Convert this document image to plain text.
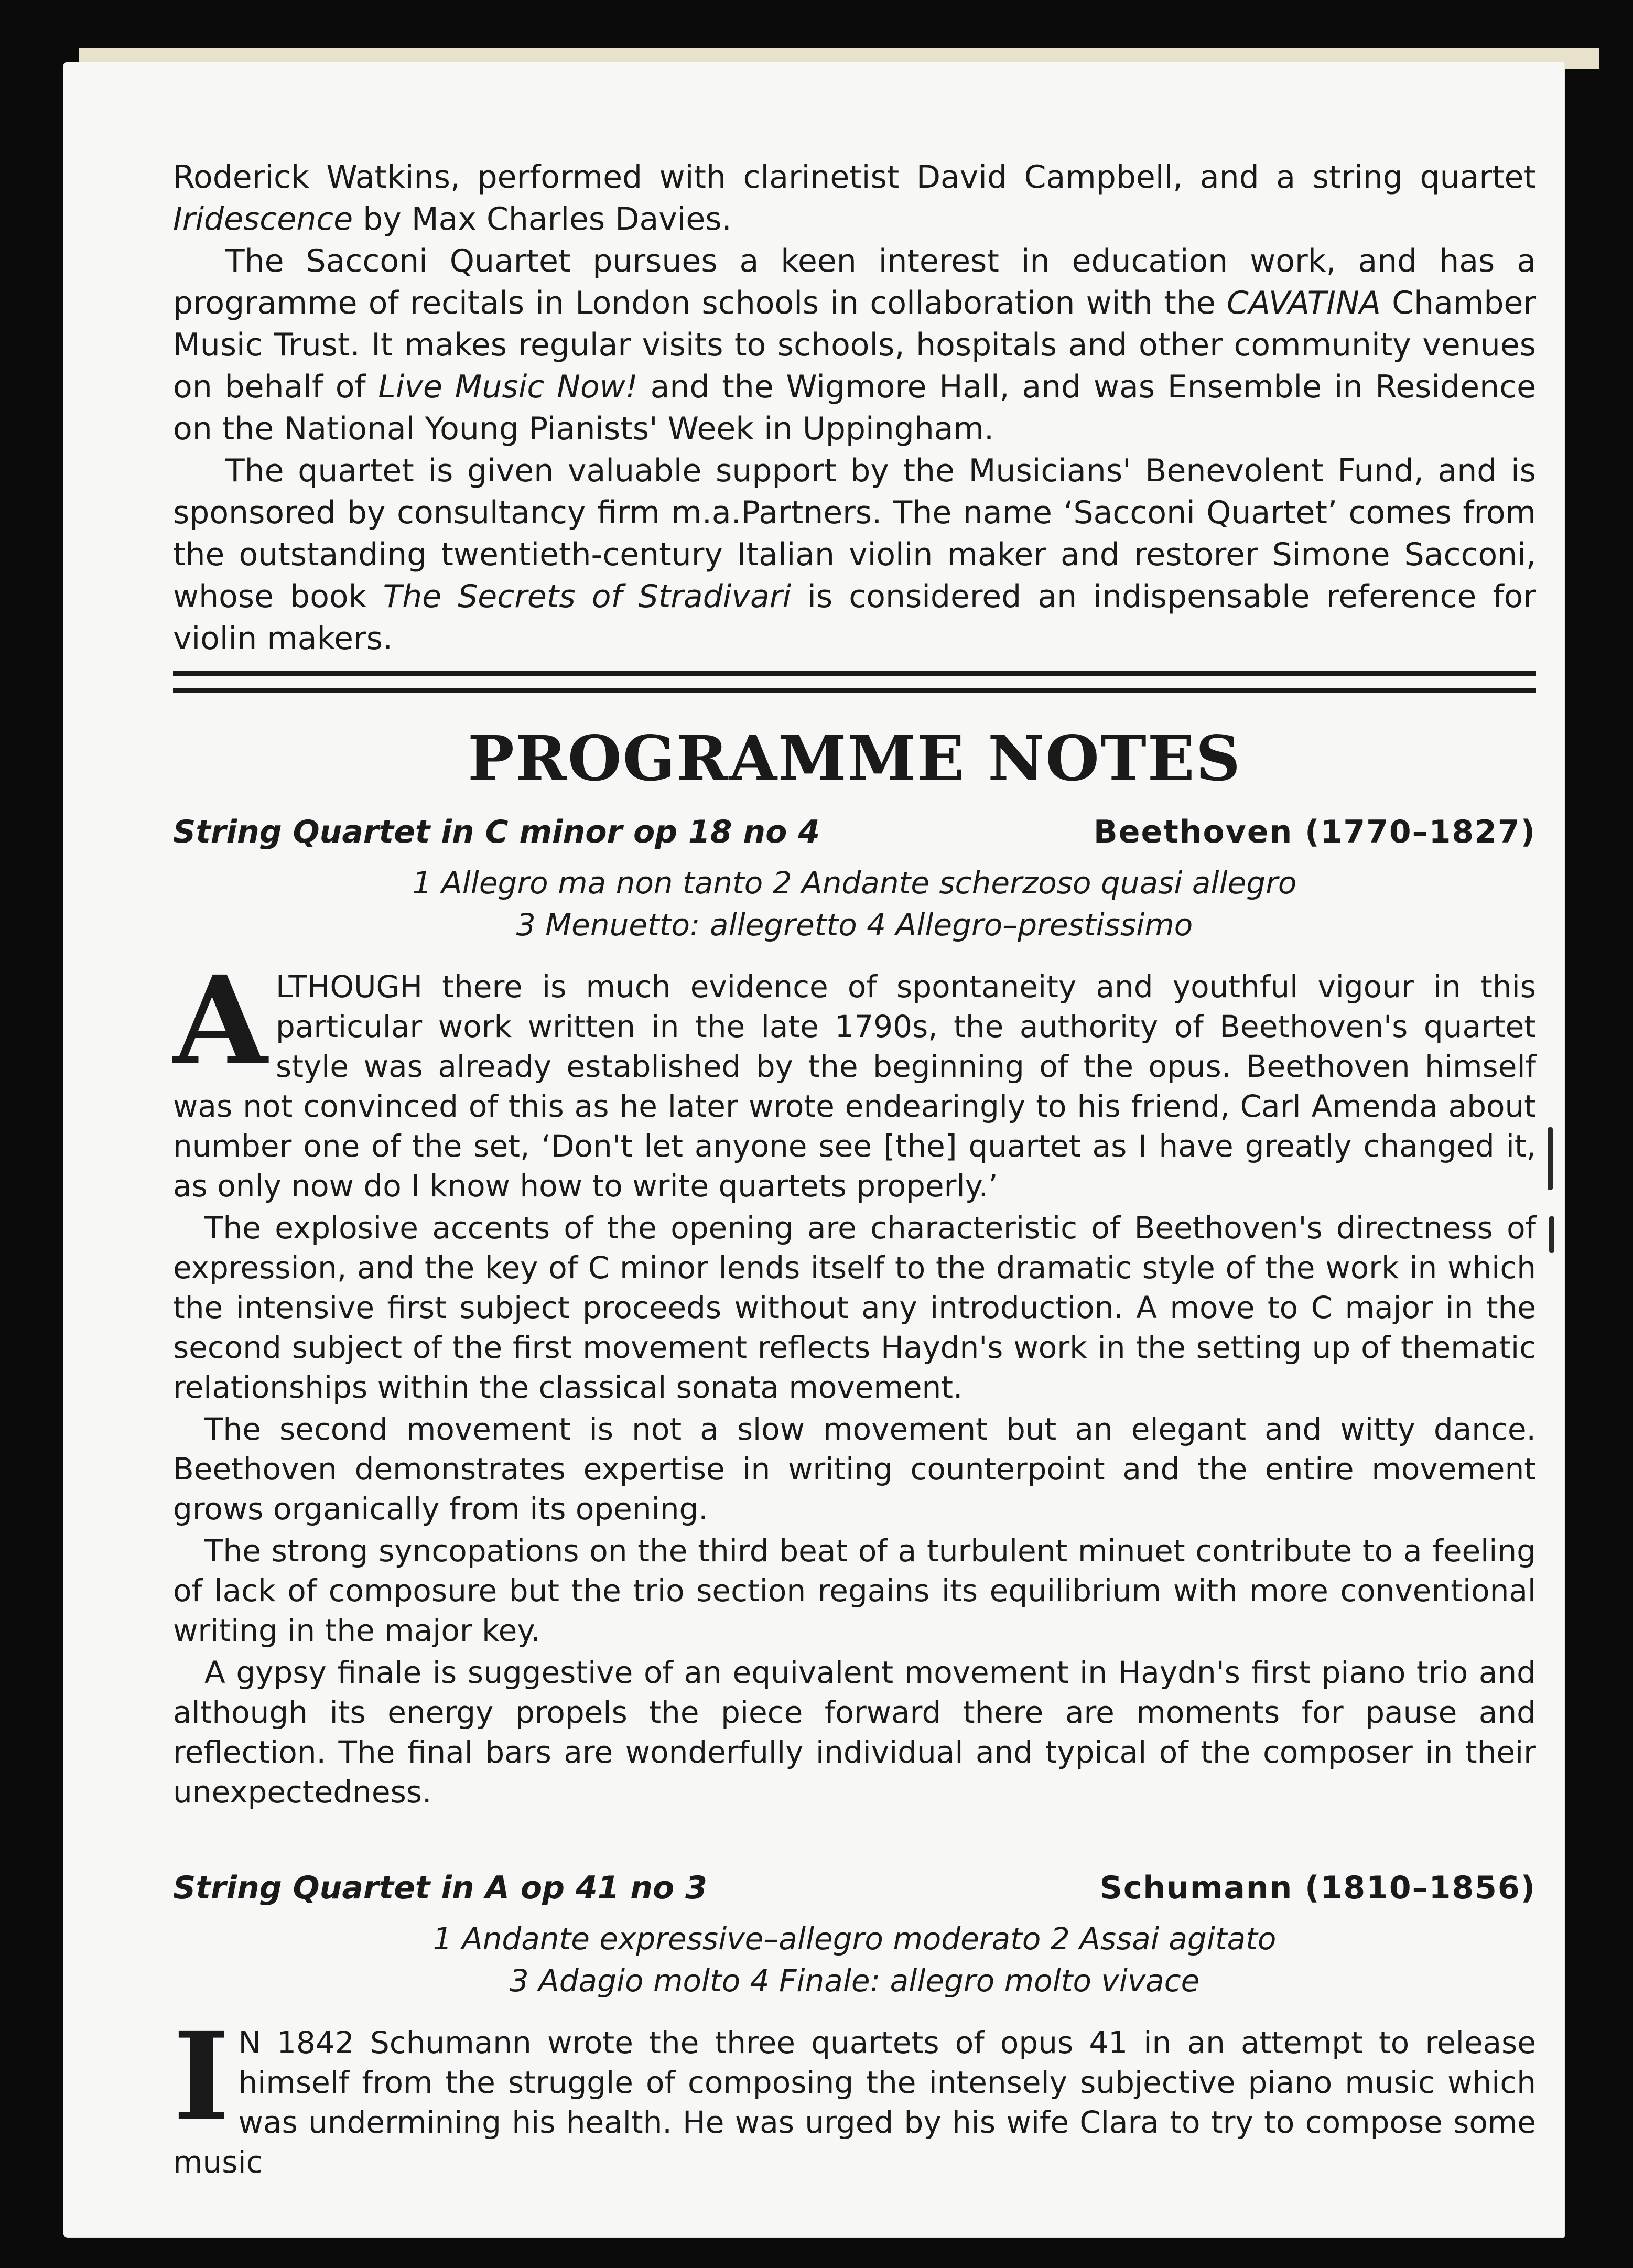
Roderick Watkins, performed with clarinetist David Campbell, and a string quartet Iridescence by Max Charles Davies.

The Sacconi Quartet pursues a keen interest in education work, and has a programme of recitals in London schools in collaboration with the CAVATINA Chamber Music Trust. It makes regular visits to schools, hospitals and other community venues on behalf of Live Music Now! and the Wigmore Hall, and was Ensemble in Residence on the National Young Pianists' Week in Uppingham.

The quartet is given valuable support by the Musicians' Benevolent Fund, and is sponsored by consultancy firm m.a.Partners. The name ‘Sacconi Quartet’ comes from the outstanding twentieth-century Italian violin maker and restorer Simone Sacconi, whose book The Secrets of Stradivari is considered an indispensable reference for violin makers.

PROGRAMME NOTES
String Quartet in C minor op 18 no 4	Beethoven (1770–1827)
1 Allegro ma non tanto 2 Andante scherzoso quasi allegro
3 Menuetto: allegretto 4 Allegro–prestissimo

ALTHOUGH there is much evidence of spontaneity and youthful vigour in this particular work written in the late 1790s, the authority of Beethoven's quartet style was already established by the beginning of the opus. Beethoven himself was not convinced of this as he later wrote endearingly to his friend, Carl Amenda about number one of the set, ‘Don't let anyone see [the] quartet as I have greatly changed it, as only now do I know how to write quartets properly.’

The explosive accents of the opening are characteristic of Beethoven's directness of expression, and the key of C minor lends itself to the dramatic style of the work in which the intensive first subject proceeds without any introduction. A move to C major in the second subject of the first movement reflects Haydn's work in the setting up of thematic relationships within the classical sonata movement.

The second movement is not a slow movement but an elegant and witty dance. Beethoven demonstrates expertise in writing counterpoint and the entire movement grows organically from its opening.

The strong syncopations on the third beat of a turbulent minuet contribute to a feeling of lack of composure but the trio section regains its equilibrium with more conventional writing in the major key.

A gypsy finale is suggestive of an equivalent movement in Haydn's first piano trio and although its energy propels the piece forward there are moments for pause and reflection. The final bars are wonderfully individual and typical of the composer in their unexpectedness.

String Quartet in A op 41 no 3	Schumann (1810–1856)
1 Andante expressive–allegro moderato 2 Assai agitato
3 Adagio molto 4 Finale: allegro molto vivace

I N 1842 Schumann wrote the three quartets of opus 41 in an attempt to release himself from the struggle of composing the intensely subjective piano music which was undermining his health. He was urged by his wife Clara to try to compose some music
